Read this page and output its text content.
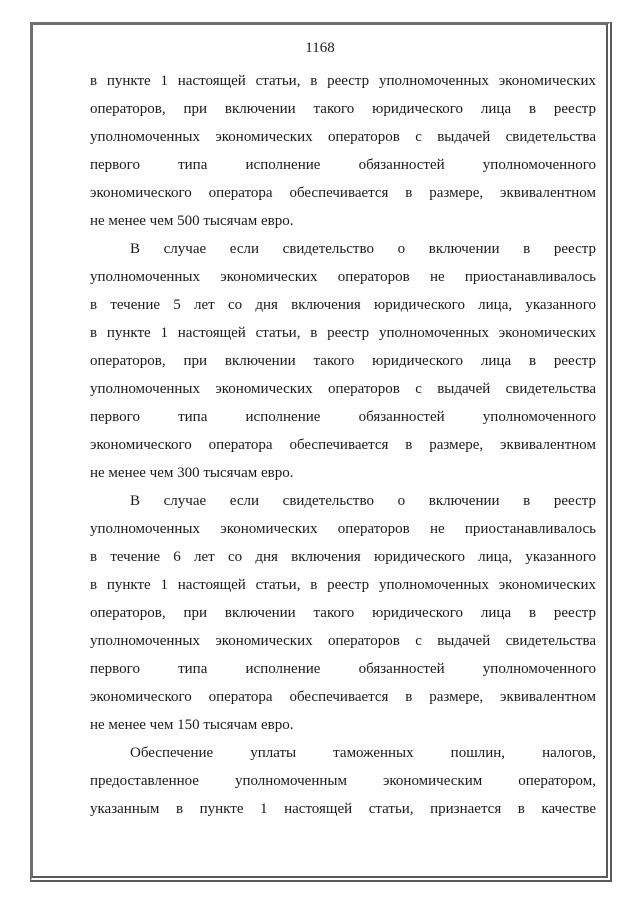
1168
в пункте 1 настоящей статьи, в реестр уполномоченных экономических
операторов, при включении такого юридического лица в реестр
уполномоченных экономических операторов с выдачей свидетельства
первого типа исполнение обязанностей уполномоченного
экономического оператора обеспечивается в размере, эквивалентном
не менее чем 500 тысячам евро.
В случае если свидетельство о включении в реестр
уполномоченных экономических операторов не приостанавливалось
в течение 5 лет со дня включения юридического лица, указанного
в пункте 1 настоящей статьи, в реестр уполномоченных экономических
операторов, при включении такого юридического лица в реестр
уполномоченных экономических операторов с выдачей свидетельства
первого типа исполнение обязанностей уполномоченного
экономического оператора обеспечивается в размере, эквивалентном
не менее чем 300 тысячам евро.
В случае если свидетельство о включении в реестр
уполномоченных экономических операторов не приостанавливалось
в течение 6 лет со дня включения юридического лица, указанного
в пункте 1 настоящей статьи, в реестр уполномоченных экономических
операторов, при включении такого юридического лица в реестр
уполномоченных экономических операторов с выдачей свидетельства
первого типа исполнение обязанностей уполномоченного
экономического оператора обеспечивается в размере, эквивалентном
не менее чем 150 тысячам евро.
Обеспечение уплаты таможенных пошлин, налогов,
предоставленное уполномоченным экономическим оператором,
указанным в пункте 1 настоящей статьи, признается в качестве
